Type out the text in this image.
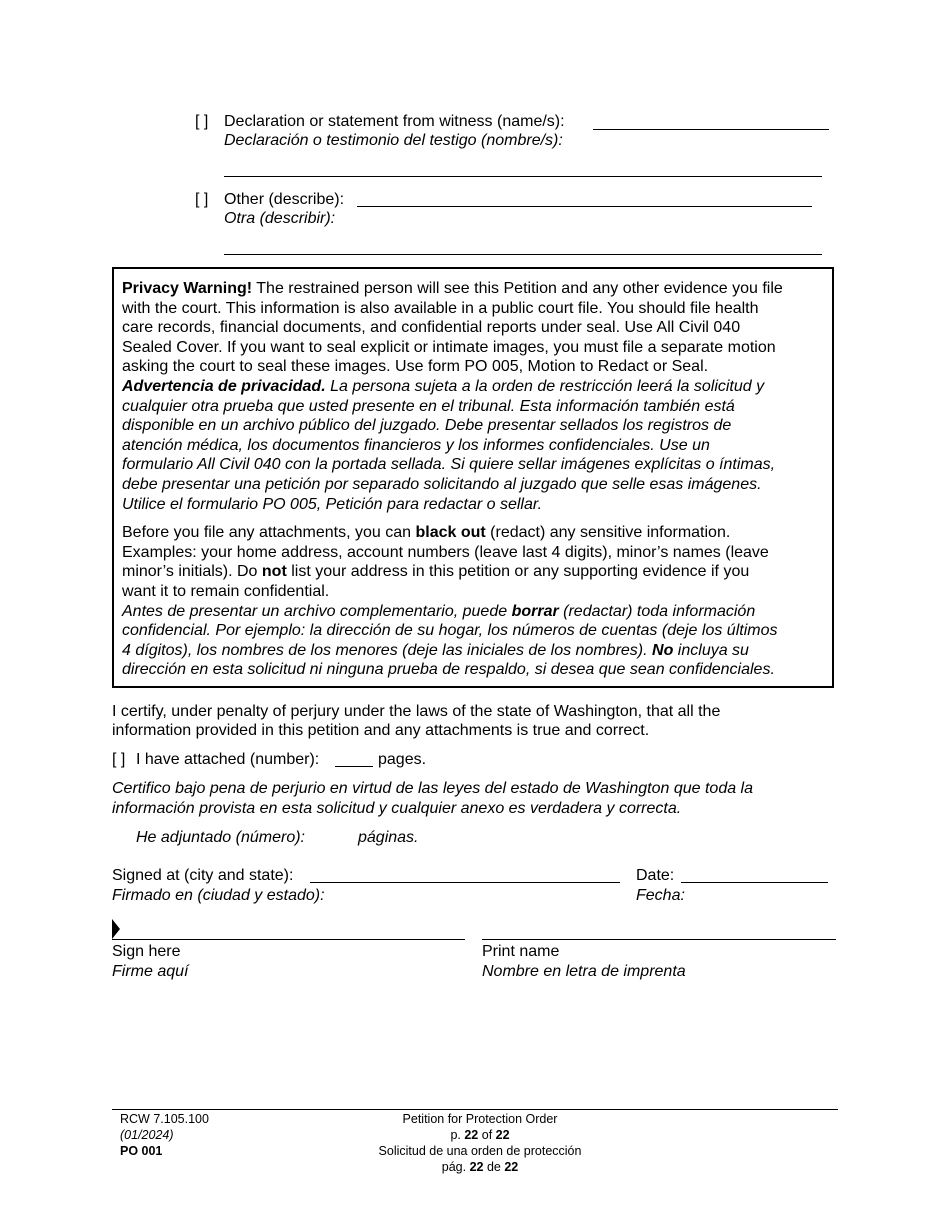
[ ] Declaration or statement from witness (name/s):
Declaración o testimonio del testigo (nombre/s):
[ ] Other (describe):
Otra (describir):

Privacy Warning! The restrained person will see this Petition and any other evidence you file

with the court. This information is also available in a public court file. You should file health

care records, financial documents, and confidential reports under seal. Use All Civil 040

Sealed Cover. If you want to seal explicit or intimate images, you must file a separate motion

asking the court to seal these images. Use form PO 005, Motion to Redact or Seal.

Advertencia de privacidad. La persona sujeta a la orden de restricción leerá la solicitud y

cualquier otra prueba que usted presente en el tribunal. Esta información también está

disponible en un archivo público del juzgado. Debe presentar sellados los registros de

atención médica, los documentos financieros y los informes confidenciales. Use un

formulario All Civil 040 con la portada sellada. Si quiere sellar imágenes explícitas o íntimas,

debe presentar una petición por separado solicitando al juzgado que selle esas imágenes.

Utilice el formulario PO 005, Petición para redactar o sellar.

Before you file any attachments, you can black out (redact) any sensitive information.

Examples: your home address, account numbers (leave last 4 digits), minor’s names (leave

minor’s initials). Do not list your address in this petition or any supporting evidence if you

want it to remain confidential.

Antes de presentar un archivo complementario, puede borrar (redactar) toda información

confidencial. Por ejemplo: la dirección de su hogar, los números de cuentas (deje los últimos

4 dígitos), los nombres de los menores (deje las iniciales de los nombres). No incluya su

dirección en esta solicitud ni ninguna prueba de respaldo, si desea que sean confidenciales.

I certify, under penalty of perjury under the laws of the state of Washington, that all the
information provided in this petition and any attachments is true and correct.
[ ] I have attached (number):	pages.
Certifico bajo pena de perjurio en virtud de las leyes del estado de Washington que toda la
información provista en esta solicitud y cualquier anexo es verdadera y correcta.
He adjuntado (número):	páginas.
Signed at (city and state):
Firmado en (ciudad y estado):
Date:
Fecha:
Sign here
Firme aquí
Print name
Nombre en letra de imprenta
RCW 7.105.100
(01/2024)
PO 001
Petition for Protection Order
p. 22 of 22
Solicitud de una orden de protección
pág. 22 de 22
